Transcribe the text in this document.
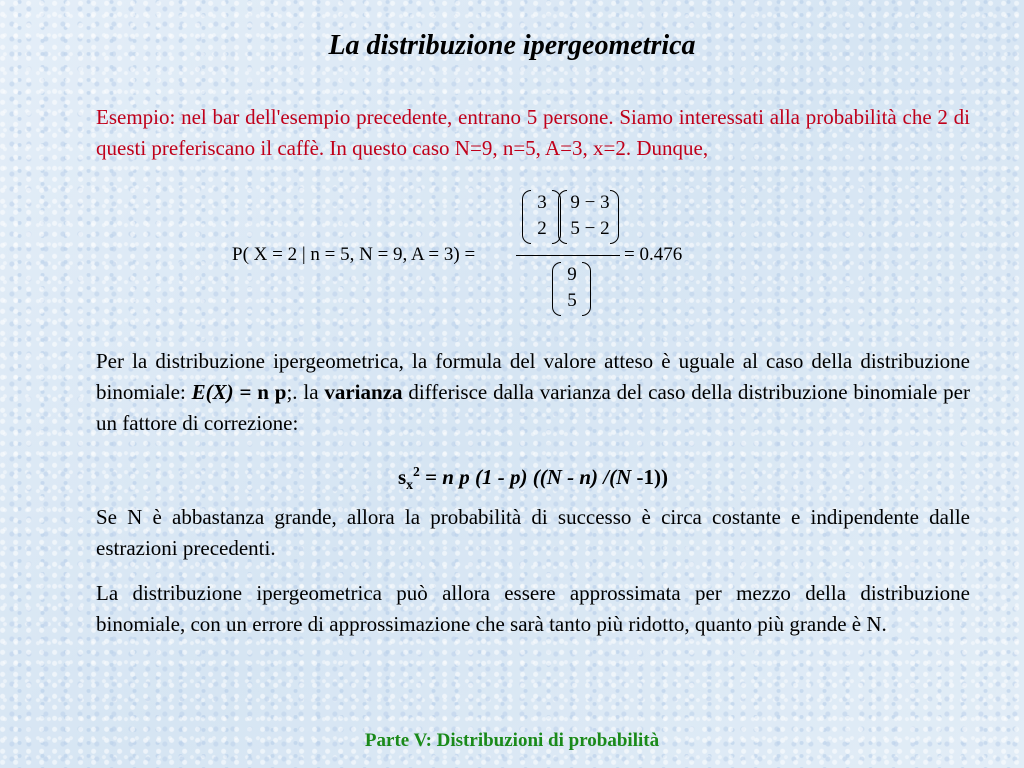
La distribuzione ipergeometrica

Esempio: nel bar dell'esempio precedente, entrano 5 persone. Siamo interessati alla probabilità che 2 di questi preferiscano il caffè. In questo caso N=9, n=5, A=3, x=2. Dunque,

P( X = 2 | n = 5, N = 9, A = 3) =
3
2
9 − 3
5 − 2
9
5
= 0.476

Per la distribuzione ipergeometrica, la formula del valore atteso è uguale al caso della distribuzione binomiale: E(X) = n p;. la varianza differisce dalla varianza del caso della distribuzione binomiale per un fattore di correzione:

$s_x^2 = n$ p (1 - p) ((N - n) /(N -1))

Se N è abbastanza grande, allora la probabilità di successo è circa costante e indipendente dalle estrazioni precedenti.

La distribuzione ipergeometrica può allora essere approssimata per mezzo della distribuzione binomiale, con un errore di approssimazione che sarà tanto più ridotto, quanto più grande è N.

Parte V: Distribuzioni di probabilità
